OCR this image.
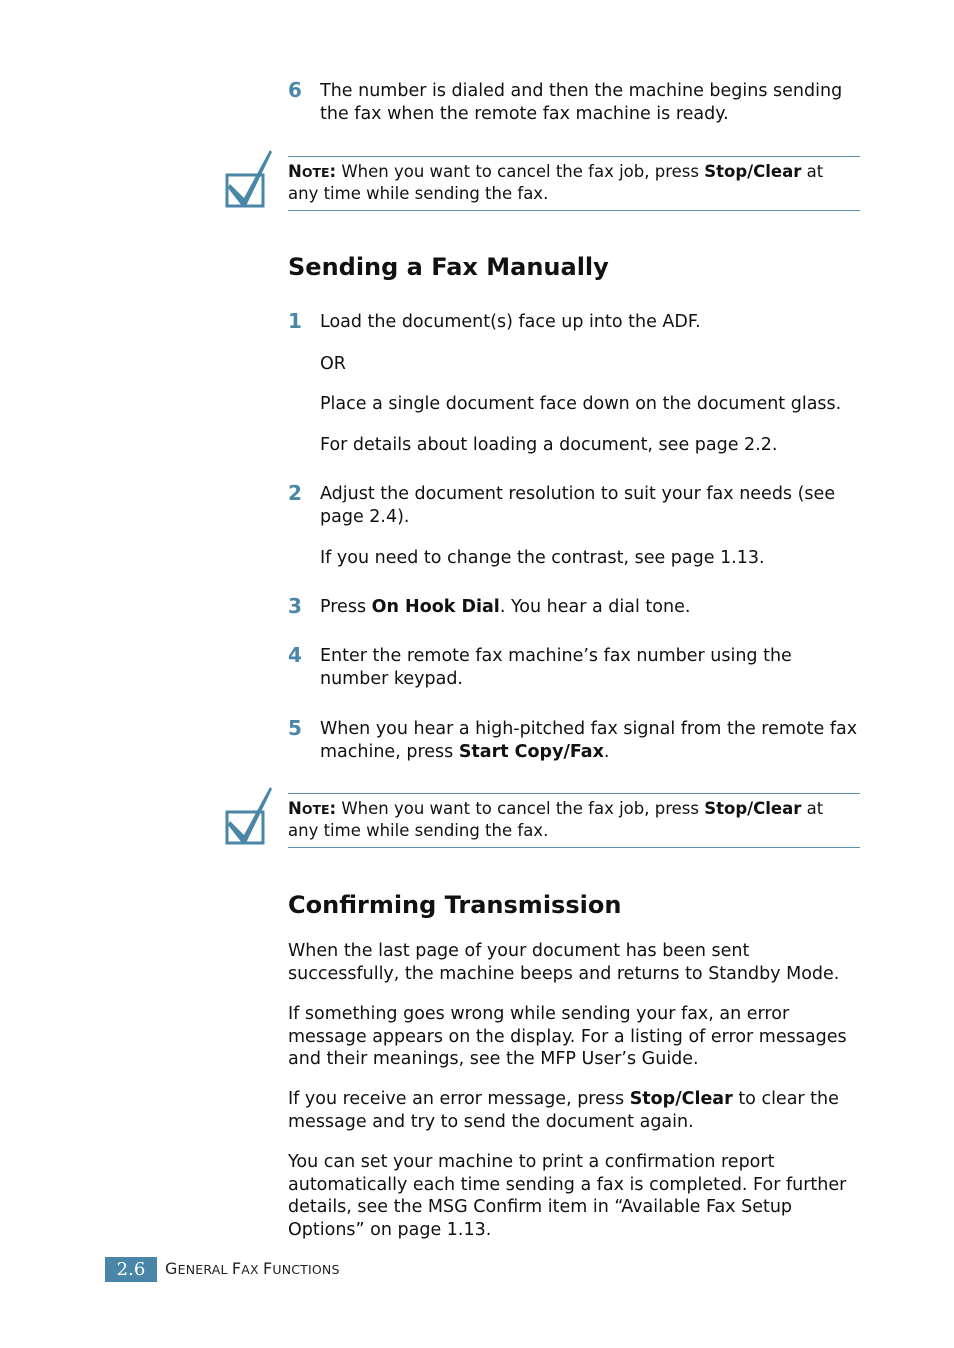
6 The number is dialed and then the machine begins sending
the fax when the remote fax machine is ready.
NOTE: When you want to cancel the fax job, press Stop/Clear at
any time while sending the fax.
Sending a Fax Manually
1 Load the document(s) face up into the ADF.
OR
Place a single document face down on the document glass.
For details about loading a document, see page 2.2.
2 Adjust the document resolution to suit your fax needs (see
page 2.4).
If you need to change the contrast, see page 1.13.
3 Press On Hook Dial. You hear a dial tone.
4 Enter the remote fax machine’s fax number using the
number keypad.
5 When you hear a high-pitched fax signal from the remote fax
machine, press Start Copy/Fax.
NOTE: When you want to cancel the fax job, press Stop/Clear at
any time while sending the fax.
Confirming Transmission
When the last page of your document has been sent successfully, the machine beeps and returns to Standby Mode.
If something goes wrong while sending your fax, an error message appears on the display. For a listing of error messages and their meanings, see the MFP User’s Guide.
If you receive an error message, press Stop/Clear to clear the message and try to send the document again.
You can set your machine to print a confirmation report automatically each time sending a fax is completed. For further details, see the MSG Confirm item in “Available Fax Setup Options” on page 1.13.
2.6	GENERAL FAX FUNCTIONS
